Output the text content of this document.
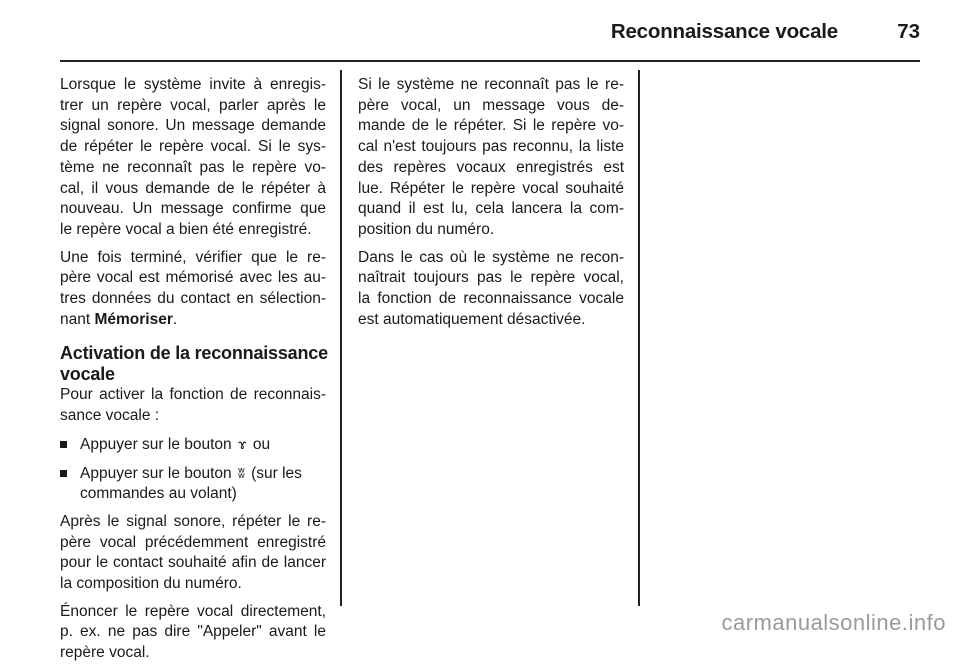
Reconnaissance vocale	73

Lorsque le système invite à enregis-
trer un repère vocal, parler après le
signal sonore. Un message demande
de répéter le repère vocal. Si le sys-
tème ne reconnaît pas le repère vo-
cal, il vous demande de le répéter à
nouveau. Un message confirme que
le repère vocal a bien été enregistré.

Une fois terminé, vérifier que le re-
père vocal est mémorisé avec les au-
tres données du contact en sélection-
nant Mémoriser.

Activation de la reconnaissance
vocale

Pour activer la fonction de reconnais-
sance vocale :

Appuyer sur le bouton ɤ ou
Appuyer sur le bouton ʬ (sur les
commandes au volant)

Après le signal sonore, répéter le re-
père vocal précédemment enregistré
pour le contact souhaité afin de lancer
la composition du numéro.

Énoncer le repère vocal directement,
p. ex. ne pas dire "Appeler" avant le
repère vocal.

Si le système ne reconnaît pas le re-
père vocal, un message vous de-
mande de le répéter. Si le repère vo-
cal n'est toujours pas reconnu, la liste
des repères vocaux enregistrés est
lue. Répéter le repère vocal souhaité
quand il est lu, cela lancera la com-
position du numéro.

Dans le cas où le système ne recon-
naîtrait toujours pas le repère vocal,
la fonction de reconnaissance vocale
est automatiquement désactivée.

carmanualsonline.info
